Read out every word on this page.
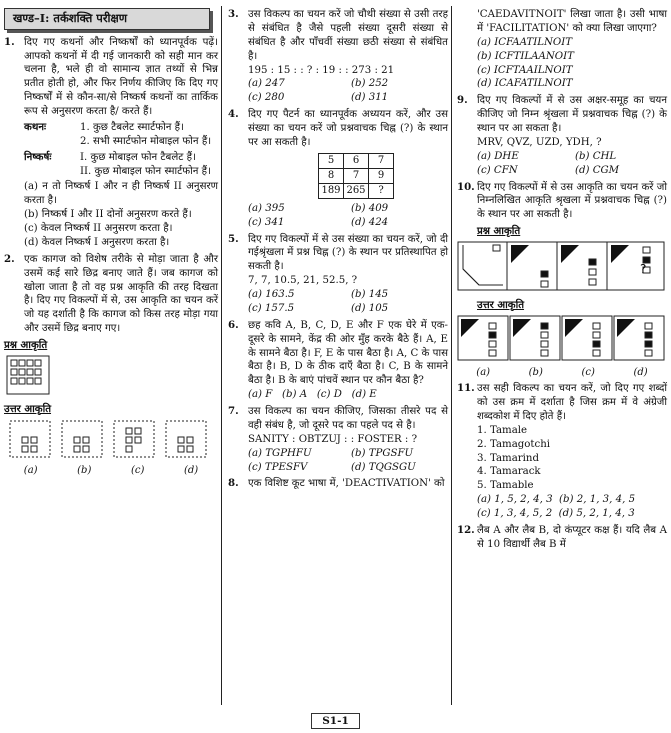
खण्ड–I: तर्कशक्ति परीक्षण
1. दिए गए कथनों और निष्कर्षों को ध्यानपूर्वक पढ़ें। आपको कथनों में दी गई जानकारी को सही मान कर चलना है, भले ही वो सामान्य ज्ञात तथ्यों से भिन्न प्रतीत होती हो, और फिर निर्णय कीजिए कि दिए गए निष्कर्षों में से कौन-सा/से निष्कर्ष कथनों का तार्किक रूप से अनुसरण करता है/ करते हैं।

कथनः	1. कुछ टैबलेट स्मार्टफोन हैं।
2. सभी स्मार्टफोन मोबाइल फोन हैं।
निष्कर्षः	I. कुछ मोबाइल फोन टैबलेट हैं।
II. कुछ मोबाइल फोन स्मार्टफोन हैं।
(a) न तो निष्कर्ष I और न ही निष्कर्ष II अनुसरण करता है।
(b) निष्कर्ष I और II दोनों अनुसरण करते हैं।
(c) केवल निष्कर्ष II अनुसरण करता है।
(d) केवल निष्कर्ष I अनुसरण करता है।
2. एक कागज को विशेष तरीके से मोड़ा जाता है और उसमें कई सारे छिद्र बनाए जाते हैं। जब कागज को खोला जाता है तो वह प्रश्न आकृति की तरह दिखता है। दिए गए विकल्पों में से, उस आकृति का चयन करें जो यह दर्शाती है कि कागज को किस तरह मोड़ा गया और उसमें छिद्र बनाए गए।

प्रश्न आकृति
उत्तर आकृति
(a)	(b)	(c)	(d)
3. उस विकल्प का चयन करें जो चौथी संख्या से उसी तरह से संबंधित है जैसे पहली संख्या दूसरी संख्या से संबंधित है और पाँचवीं संख्या छठी संख्या से संबंधित है।

195 : 15 : : ? : 19 : : 273 : 21
(a) 247	(b) 252
(c) 280	(d) 311
4. दिए गए पैटर्न का ध्यानपूर्वक अध्ययन करें, और उस संख्या का चयन करें जो प्रश्नवाचक चिह्न (?) के स्थान पर आ सकती है।

5	6	7
8	7	9
189	265	?
(a) 395	(b) 409
(c) 341	(d) 424
5. दिए गए विकल्पों में से उस संख्या का चयन करें, जो दी गईश्रृंखला में प्रश्न चिह्न (?) के स्थान पर प्रतिस्थापित हो सकती है।

7, 7, 10.5, 21, 52.5, ?
(a) 163.5	(b) 145
(c) 157.5	(d) 105
6. छह कवि A, B, C, D, E और F एक घेरे में एक-दूसरे के सामने, केंद्र की ओर मुँह करके बैठे हैं। A, E के सामने बैठा है। F, E के पास बैठा है। A, C के पास बैठा है। B, D के ठीक दाएँ बैठा है। C, B के सामने बैठा है। B के बाएं पांचवें स्थान पर कौन बैठा है?

(a) F   (b) A   (c) D   (d) E
7. उस विकल्प का चयन कीजिए, जिसका तीसरे पद से वही संबंध है, जो दूसरे पद का पहले पद से है।

SANITY : OBTZUJ : : FOSTER : ?
(a) TGPHFU	(b) TPGSFU
(c) TPESFV	(d) TQGSGU
8. एक विशिष्ट कूट भाषा में, 'DEACTIVATION' को

'CAEDAVITNOIT' लिखा जाता है। उसी भाषा में 'FACILITATION' को क्या लिखा जाएगा?

(a) ICFAATILNOIT
(b) ICFTILAANOIT
(c) ICFTAAILNOIT
(d) ICAFATILNOIT
9. दिए गए विकल्पों में से उस अक्षर-समूह का चयन कीजिए जो निम्न श्रृंखला में प्रश्नवाचक चिह्न (?) के स्थान पर आ सकता है।

MRV, QVZ, UZD, YDH, ?
(a) DHE	(b) CHL
(c) CFN	(d) CGM
10. दिए गए विकल्पों में से उस आकृति का चयन करें जो निम्नलिखित आकृति श्रृखला में प्रश्नवाचक चिह्न (?) के स्थान पर आ सकती है।

प्रश्न आकृति
?
उत्तर आकृति
(a)	(b)	(c)	(d)
11. उस सही विकल्प का चयन करें, जो दिए गए शब्दों को उस क्रम में दर्शाता है जिस क्रम में वे अंग्रेजी शब्दकोश में दिए होते हैं।

1. Tamale
2. Tamagotchi
3. Tamarind
4. Tamarack
5. Tamable
(a) 1, 5, 2, 4, 3  (b) 2, 1, 3, 4, 5
(c) 1, 3, 4, 5, 2  (d) 5, 2, 1, 4, 3
12. लैब A और लैब B, दो कंप्यूटर कक्ष हैं। यदि लैब A से 10 विद्यार्थी लैब B में

S1-1
